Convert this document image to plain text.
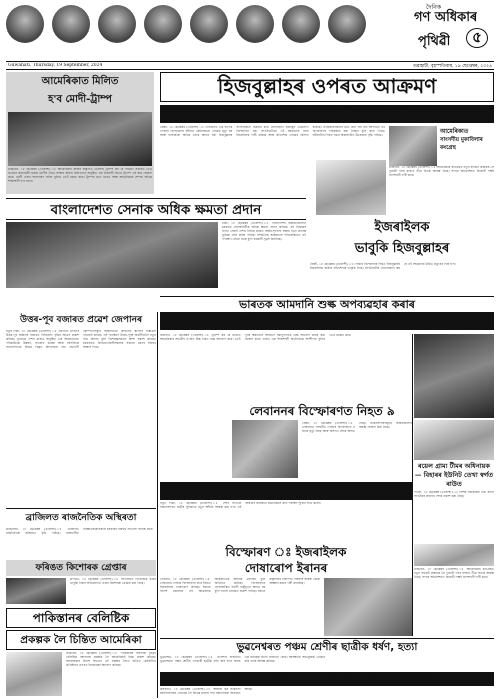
দৈনিক
গণ অধিকাৰ
পৃথিৱী	৫
Guwahati, Thursday, 19 September, 2024	গুৱাহাটী, বৃহস্পতিবাৰ, ১৯ ছেপ্তেম্বৰ, ২০২৪
আমেৰিকাত মিলিত
হ'ব মোদী-ট্ৰাম্প
ৱাছিংটন, ১৮ ছেপ্তেম্বৰ (এজেন্সী) ঃ আমেৰিকাৰ প্ৰাক্তন ৰাষ্ট্ৰপতি ডোনাল্ড ট্ৰাম্পে কয় যে পৰৱৰ্তী সপ্তাহত তেওঁ ভাৰতৰ প্ৰধানমন্ত্ৰী নৰেন্দ্ৰ মোদীৰ সৈতে সাক্ষাৎ কৰিব। মিচিগানত অনুষ্ঠিত এক নিৰ্বাচনী সভাত ট্ৰাম্পে এই কথা ঘোষণা কৰে। মোদী এজন অসাধাৰণ ব্যক্তি বুলিও তেওঁ মন্তব্য কৰে। ট্ৰাম্পৰ মতে ভাৰত আৰু আমেৰিকাৰ সম্পৰ্ক অধিক শক্তিশালী হ'ব লাগে।
হিজবুল্লাহৰ ওপৰত আক্ৰমণ
লেবাননত পাঁচ মাহ আগতে বিস্ফোৰণৰ পৰিকল্পনা
বৈৰুট, ১৮ ছেপ্তেম্বৰ (এজেন্সী) ঃ লেবাননত এক ব্যাপক পেজাৰ বিস্ফোৰণৰ ঘটনাত কেইবাজনো লোকৰ মৃত্যু হয় আৰু হাজাৰৰো অধিক লোক আহত হয়। হিজবুল্লাহৰ সদস্যসকলে ব্যৱহাৰ কৰা যোগাযোগ যন্ত্ৰসমূহ একেলগে বিস্ফোৰিত হয়। সংগঠনটোৱে এই আক্ৰমণৰ বাবে ইজৰাইলক দায়ী কৰিছে আৰু প্ৰতিশোধ লোৱাৰ ঘোষণা কৰিছে। তদন্তকাৰীসকলৰ মতে প্ৰায় পাঁচ মাহ আগতেই এই বিস্ফোৰণৰ পৰিকল্পনা কৰা হৈছিল বুলি জনা গৈছে। ঘটনাটোৰ পিছত সমগ্ৰ অঞ্চলটোত উত্তেজনা বৃদ্ধি পাইছে।	আমেৰিকাত
সাংসদীয় মুকাবিলাৰ কংগ্ৰেছ
ৱাছিংটন, ১৮ ছেপ্তেম্বৰ (এজেন্সী) ঃ আমেৰিকাৰ কংগ্ৰেছত নতুন বাজেট প্ৰস্তাৱক লৈ দুয়োটা দলৰ মাজত তীব্ৰ বিতৰ্ক আৰম্ভ হৈছে। সদনৰ অধিবেশনত বিৰোধী পক্ষই সংশোধনী দাবী কৰে।
বাংলাদেশত সেনাক অধিক ক্ষমতা প্ৰদান
ঢাকা, ১৮ ছেপ্তেম্বৰ (এজেন্সী) ঃ বাংলাদেশৰ অন্তৰ্বৰ্তীকালীন চৰকাৰে সেনাবাহিনীক অধিক ক্ষমতা প্ৰদান কৰিছে। এই সিদ্ধান্তৰ ফলত সেনাই দেশৰ বিভিন্ন প্ৰান্তত আইন-শৃংখলা ৰক্ষাৰ বাবে প্ৰত্যক্ষ ভূমিকা গ্ৰহণ কৰিব পাৰিব। সাম্প্ৰতিক অস্থিৰতাৰ পৰিপ্ৰেক্ষিতত এই পদক্ষেপ লোৱা হৈছে বুলি চৰকাৰী সূত্ৰই জনাইছে।
ইজৰাইলক
ভাবুকি হিজবুল্লাহৰ
বৈৰুট, ১৮ ছেপ্তেম্বৰ (এজেন্সী) ঃ পেজাৰ বিস্ফোৰণৰ পিছত হিজবুল্লাহই ইজৰাইলক কঠোৰ প্ৰতিশোধৰ ভাবুকি দিছে। সংগঠনটোৰ নেতাসকলে কয় যে এই আক্ৰমণৰ উচিত প্ৰত্যুত্তৰ দিয়া হ'ব।
ভাৰতক আমদানি শুল্ক অপব্যৱহাৰ কৰাৰ
উত্তৰ-পূব বজাৰত প্ৰৱেশ জেপানৰ	অভিযোগ আমেৰিকাৰ প্ৰাক্তন ৰাষ্ট্ৰপতি ট্ৰাম্পৰ
নতুন দিল্লী, ১৮ ছেপ্তেম্বৰ (এজেন্সী) ঃ জেপানে ভাৰতৰ উত্তৰ-পূব অঞ্চলৰ বজাৰত বিনিয়োগ বৃদ্ধিৰ আগ্ৰহ প্ৰকাশ কৰিছে। দুয়োখন দেশৰ মাজত অনুষ্ঠিত এক আলোচনাত পৰিকাঠামো উন্নয়ন, সংযোগ ব্যৱস্থা আৰু বাণিজ্যিক সহযোগিতাৰ বিষয়ে বিস্তৃত আলোচনা হয়। জেপানী কোম্পানীসমূহে অঞ্চলটোত কাৰখানা স্থাপনৰ সম্ভাৱনা খতিয়াই চাইছে। এই পদক্ষেপে উত্তৰ-পূবৰ অৰ্থনীতিলৈ নতুন গতি আনিব বুলি বিশেষজ্ঞসকলে আশা প্ৰকাশ কৰিছে। চৰকাৰেও বিনিয়োগকাৰীসকলক সকলো ধৰণৰ সহায়ৰ আশ্বাস দিছে।
মিচিগান, ১৮ ছেপ্তেম্বৰ (এজেন্সী) ঃ ট্ৰাম্পে কয় যে ভাৰতে আমেৰিকাৰ সামগ্ৰীৰ ওপৰত উচ্চ হাৰত শুল্ক আৰোপ কৰে। তেওঁ পুনৰ ক্ষমতালৈ আহিলে সমানুপাতিক শুল্ক আৰোপ কৰাৰ কথা ঘোষণা কৰে। ভাৰত এক শক্তিশালী অৰ্থনৈতিক অংশীদাৰ বুলিও তেওঁ উল্লেখ কৰে।
লেবাননৰ বিস্ফোৰণত নিহত ৯
বৈৰুট, ১৮ ছেপ্তেম্বৰ (এজেন্সী) ঃ লেবাননত সংঘটিত পেজাৰ বিস্ফোৰণত ন জনৰ মৃত্যু হৈছে আৰু অসংখ্য লোক আহত হৈছে। চিকিৎসালয়সমূহত জৰুৰীকালীন অৱস্থা ঘোষণা কৰা হৈছে।
৭টা বিমানবন্দৰত আৰম্ভ হ'ব ন-আঁচনি
নতুন দিল্লী, ১৮ ছেপ্তেম্বৰ (এজেন্সী) ঃ দেশৰ সাতখন বিমানবন্দৰত যাত্ৰীৰ সুবিধাৰ্থে নতুন আঁচনি আৰম্ভ কৰা হ'ব। এই আঁচনিৰ জৰিয়তে যাত্ৰীসকলে দ্ৰুত পৰীক্ষণ সুবিধা লাভ কৰিব।
ৰয়েল গ্ৰাম্য টীমৰ অধিনায়ক — বিহাৰৰ ইউনিট তেখা স্বৰ্গত ৰাউত
পাটনা, ১৮ ছেপ্তেম্বৰ (এজেন্সী) ঃ বিশিষ্ট সমাজকৰ্মী তথা ক্ৰীড়া সংগঠকৰ প্ৰয়াণত শোক প্ৰকাশ কৰা হৈছে।
ব্ৰাজিলত ৰাজনৈতিক অস্থিৰতা
ব্ৰাছিলিয়া, ১৮ ছেপ্তেম্বৰ (এজেন্সী) ঃ ব্ৰাজিলত ৰাজনৈতিক অস্থিৰতা বৃদ্ধি পাইছে। ৰাজধানীত বিক্ষোভকাৰীসকলে চৰকাৰৰ বিৰুদ্ধে প্ৰতিবাদ সাব্যস্ত কৰে।
ফৰিঙত কিশোৰক গ্ৰেপ্তাৰ
ফ্ল'ৰিডা, ১৮ ছেপ্তেম্বৰ (এজেন্সী) ঃ বিদ্যালয়ত হিংসাত্মক কাৰ্যৰ ভাবুকি দিয়াৰ অভিযোগত এজন কিশোৰক গ্ৰেপ্তাৰ কৰা হৈছে।
বিস্ফোৰণ ঃ ইজৰাইলক
দোষাৰোপ ইৰানৰ
তেহৰান, ১৮ ছেপ্তেম্বৰ (এজেন্সী) ঃ লেবাননৰ পেজাৰ বিস্ফোৰণৰ বাবে ইৰানে ইজৰাইলক দোষাৰোপ কৰিছে। ইৰানৰ বিদেশ মন্ত্ৰালয়ে এই আক্ৰমণক আন্তৰ্জাতিক আইনৰ উলংঘন বুলি অভিহিত কৰিছে। বিস্ফোৰণত লেবাননস্থিত ইৰানী ৰাষ্ট্ৰদূতো আহত হয় বুলি সংবাদ মাধ্যমত প্ৰকাশ পাইছে। ইৰানে ৰাষ্ট্ৰসংঘৰ নিৰাপত্তা পৰিষদৰ জৰুৰী বৈঠক আহ্বান কৰাৰ দাবী জনাইছে।
ৱাছিংটন, ১৮ ছেপ্তেম্বৰ (এজেন্সী) ঃ আমেৰিকাৰ কংগ্ৰেছত নতুন বাজেট প্ৰস্তাৱক লৈ দুয়োটা দলৰ মাজত তীব্ৰ বিতৰ্ক আৰম্ভ হৈছে। সদনৰ অধিবেশনত বিৰোধী পক্ষই সংশোধনী দাবী কৰে।
পাকিস্তানৰ বেলিষ্টিক
প্ৰকল্পক লৈ চিন্তিত আমেৰিকা
ৱাছিংটন, ১৮ ছেপ্তেম্বৰ (এজেন্সী) ঃ পাকিস্তানৰ দীঘলীয়া দূৰত্বৰ বেলিষ্টিক ক্ষেপণাস্ত্ৰ প্ৰকল্পক লৈ আমেৰিকাই চিন্তা প্ৰকাশ কৰিছে। আমেৰিকাৰ বিদেশ বিভাগে এই প্ৰকল্পৰ সৈতে জড়িত কেইবাটাও প্ৰতিষ্ঠানৰ ওপৰত নিষেধাজ্ঞা আৰোপ কৰিছে।
ভুৱনেশ্বৰত পঞ্চম শ্ৰেণীৰ ছাত্ৰীক ধৰ্ষণ, হত্যা
ভুৱনেশ্বৰ, ১৮ ছেপ্তেম্বৰ (এজেন্সী) ঃ ওড়িশাৰ ৰাজধানী ভুৱনেশ্বৰত পঞ্চম শ্ৰেণীৰ এগৰাকী ছাত্ৰীক ধৰ্ষণ কৰি হত্যা কৰাৰ এক মৰ্মান্তিক ঘটনা সংঘটিত হৈছে। আৰক্ষীয়ে অভিযুক্তক গ্ৰেপ্তাৰ কৰি তদন্ত আৰম্ভ কৰিছে।
আজ জি কৰ গোচৰ ঃ বেগম আৰজীৰ সমালোচনা চিহিয়াইৰ
কলকাতা, ১৮ ছেপ্তেম্বৰ (এজেন্সী) ঃ আৰজি কৰ চিকিৎসা মহাবিদ্যালয়ৰ গোচৰক লৈ বিভিন্ন মহলৰ পৰা সমালোচনা অব্যাহত আছে।
